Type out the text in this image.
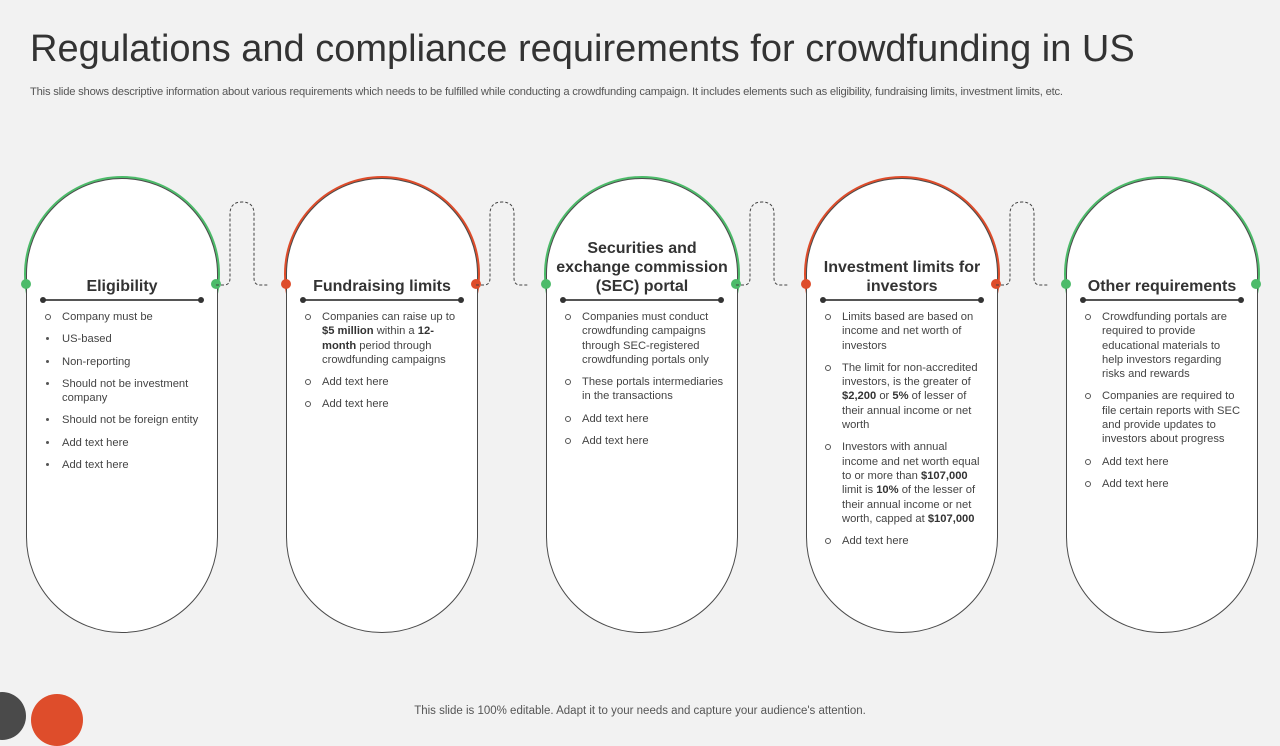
Regulations and compliance requirements for crowdfunding in US

This slide shows descriptive information about various requirements which needs to be fulfilled while conducting a crowdfunding campaign. It includes elements such as eligibility, fundraising limits, investment limits, etc.

Eligibility
Company must be
US-based
Non-reporting
Should not be investment company
Should not be foreign entity
Add text here
Add text here
Fundraising limits
Companies can raise up to $5 million within a 12-month period through crowdfunding campaigns
Add text here
Add text here
Securities and exchange commission (SEC) portal
Companies must conduct crowdfunding campaigns through SEC-registered crowdfunding portals only
These portals intermediaries in the transactions
Add text here
Add text here
Investment limits for investors
Limits based are based on income and net worth of investors
The limit for non-accredited investors, is the greater of $2,200 or 5% of lesser of their annual income or net worth
Investors with annual income and net worth equal to or more than $107,000 limit is 10% of the lesser of their annual income or net worth, capped at $107,000
Add text here
Other requirements
Crowdfunding portals are required to provide educational materials to help investors regarding risks and rewards
Companies are required to file certain reports with SEC and provide updates to investors about progress
Add text here
Add text here
This slide is 100% editable. Adapt it to your needs and capture your audience's attention.
